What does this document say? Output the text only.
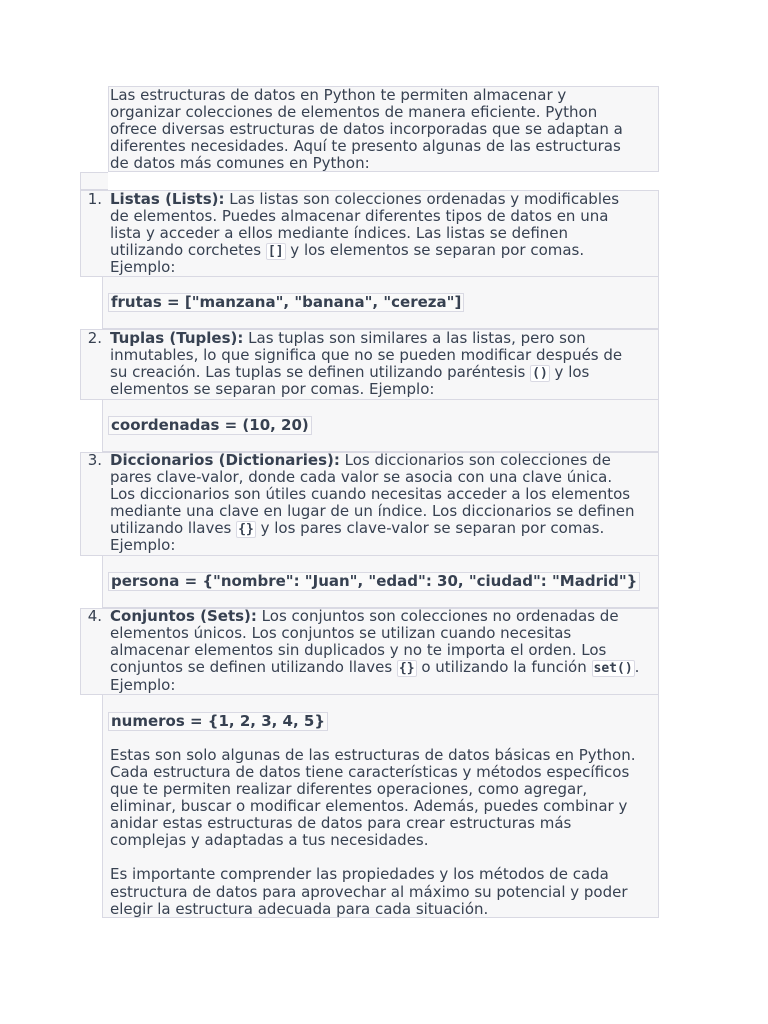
Las estructuras de datos en Python te permiten almacenar y
organizar colecciones de elementos de manera eficiente. Python
ofrece diversas estructuras de datos incorporadas que se adaptan a
diferentes necesidades. Aquí te presento algunas de las estructuras
de datos más comunes en Python:
1. Listas (Lists): Las listas son colecciones ordenadas y modificables
de elementos. Puedes almacenar diferentes tipos de datos en una
lista y acceder a ellos mediante índices. Las listas se definen
utilizando corchetes [] y los elementos se separan por comas.
Ejemplo:
frutas = ["manzana", "banana", "cereza"]
2. Tuplas (Tuples): Las tuplas son similares a las listas, pero son
inmutables, lo que significa que no se pueden modificar después de
su creación. Las tuplas se definen utilizando paréntesis () y los
elementos se separan por comas. Ejemplo:
coordenadas = (10, 20)
3. Diccionarios (Dictionaries): Los diccionarios son colecciones de
pares clave-valor, donde cada valor se asocia con una clave única.
Los diccionarios son útiles cuando necesitas acceder a los elementos
mediante una clave en lugar de un índice. Los diccionarios se definen
utilizando llaves {} y los pares clave-valor se separan por comas.
Ejemplo:
persona = {"nombre": "Juan", "edad": 30, "ciudad": "Madrid"}
4. Conjuntos (Sets): Los conjuntos son colecciones no ordenadas de
elementos únicos. Los conjuntos se utilizan cuando necesitas
almacenar elementos sin duplicados y no te importa el orden. Los
conjuntos se definen utilizando llaves {} o utilizando la función set() .
Ejemplo:
numeros = {1, 2, 3, 4, 5}
Estas son solo algunas de las estructuras de datos básicas en Python.
Cada estructura de datos tiene características y métodos específicos
que te permiten realizar diferentes operaciones, como agregar,
eliminar, buscar o modificar elementos. Además, puedes combinar y
anidar estas estructuras de datos para crear estructuras más
complejas y adaptadas a tus necesidades.
Es importante comprender las propiedades y los métodos de cada
estructura de datos para aprovechar al máximo su potencial y poder
elegir la estructura adecuada para cada situación.
